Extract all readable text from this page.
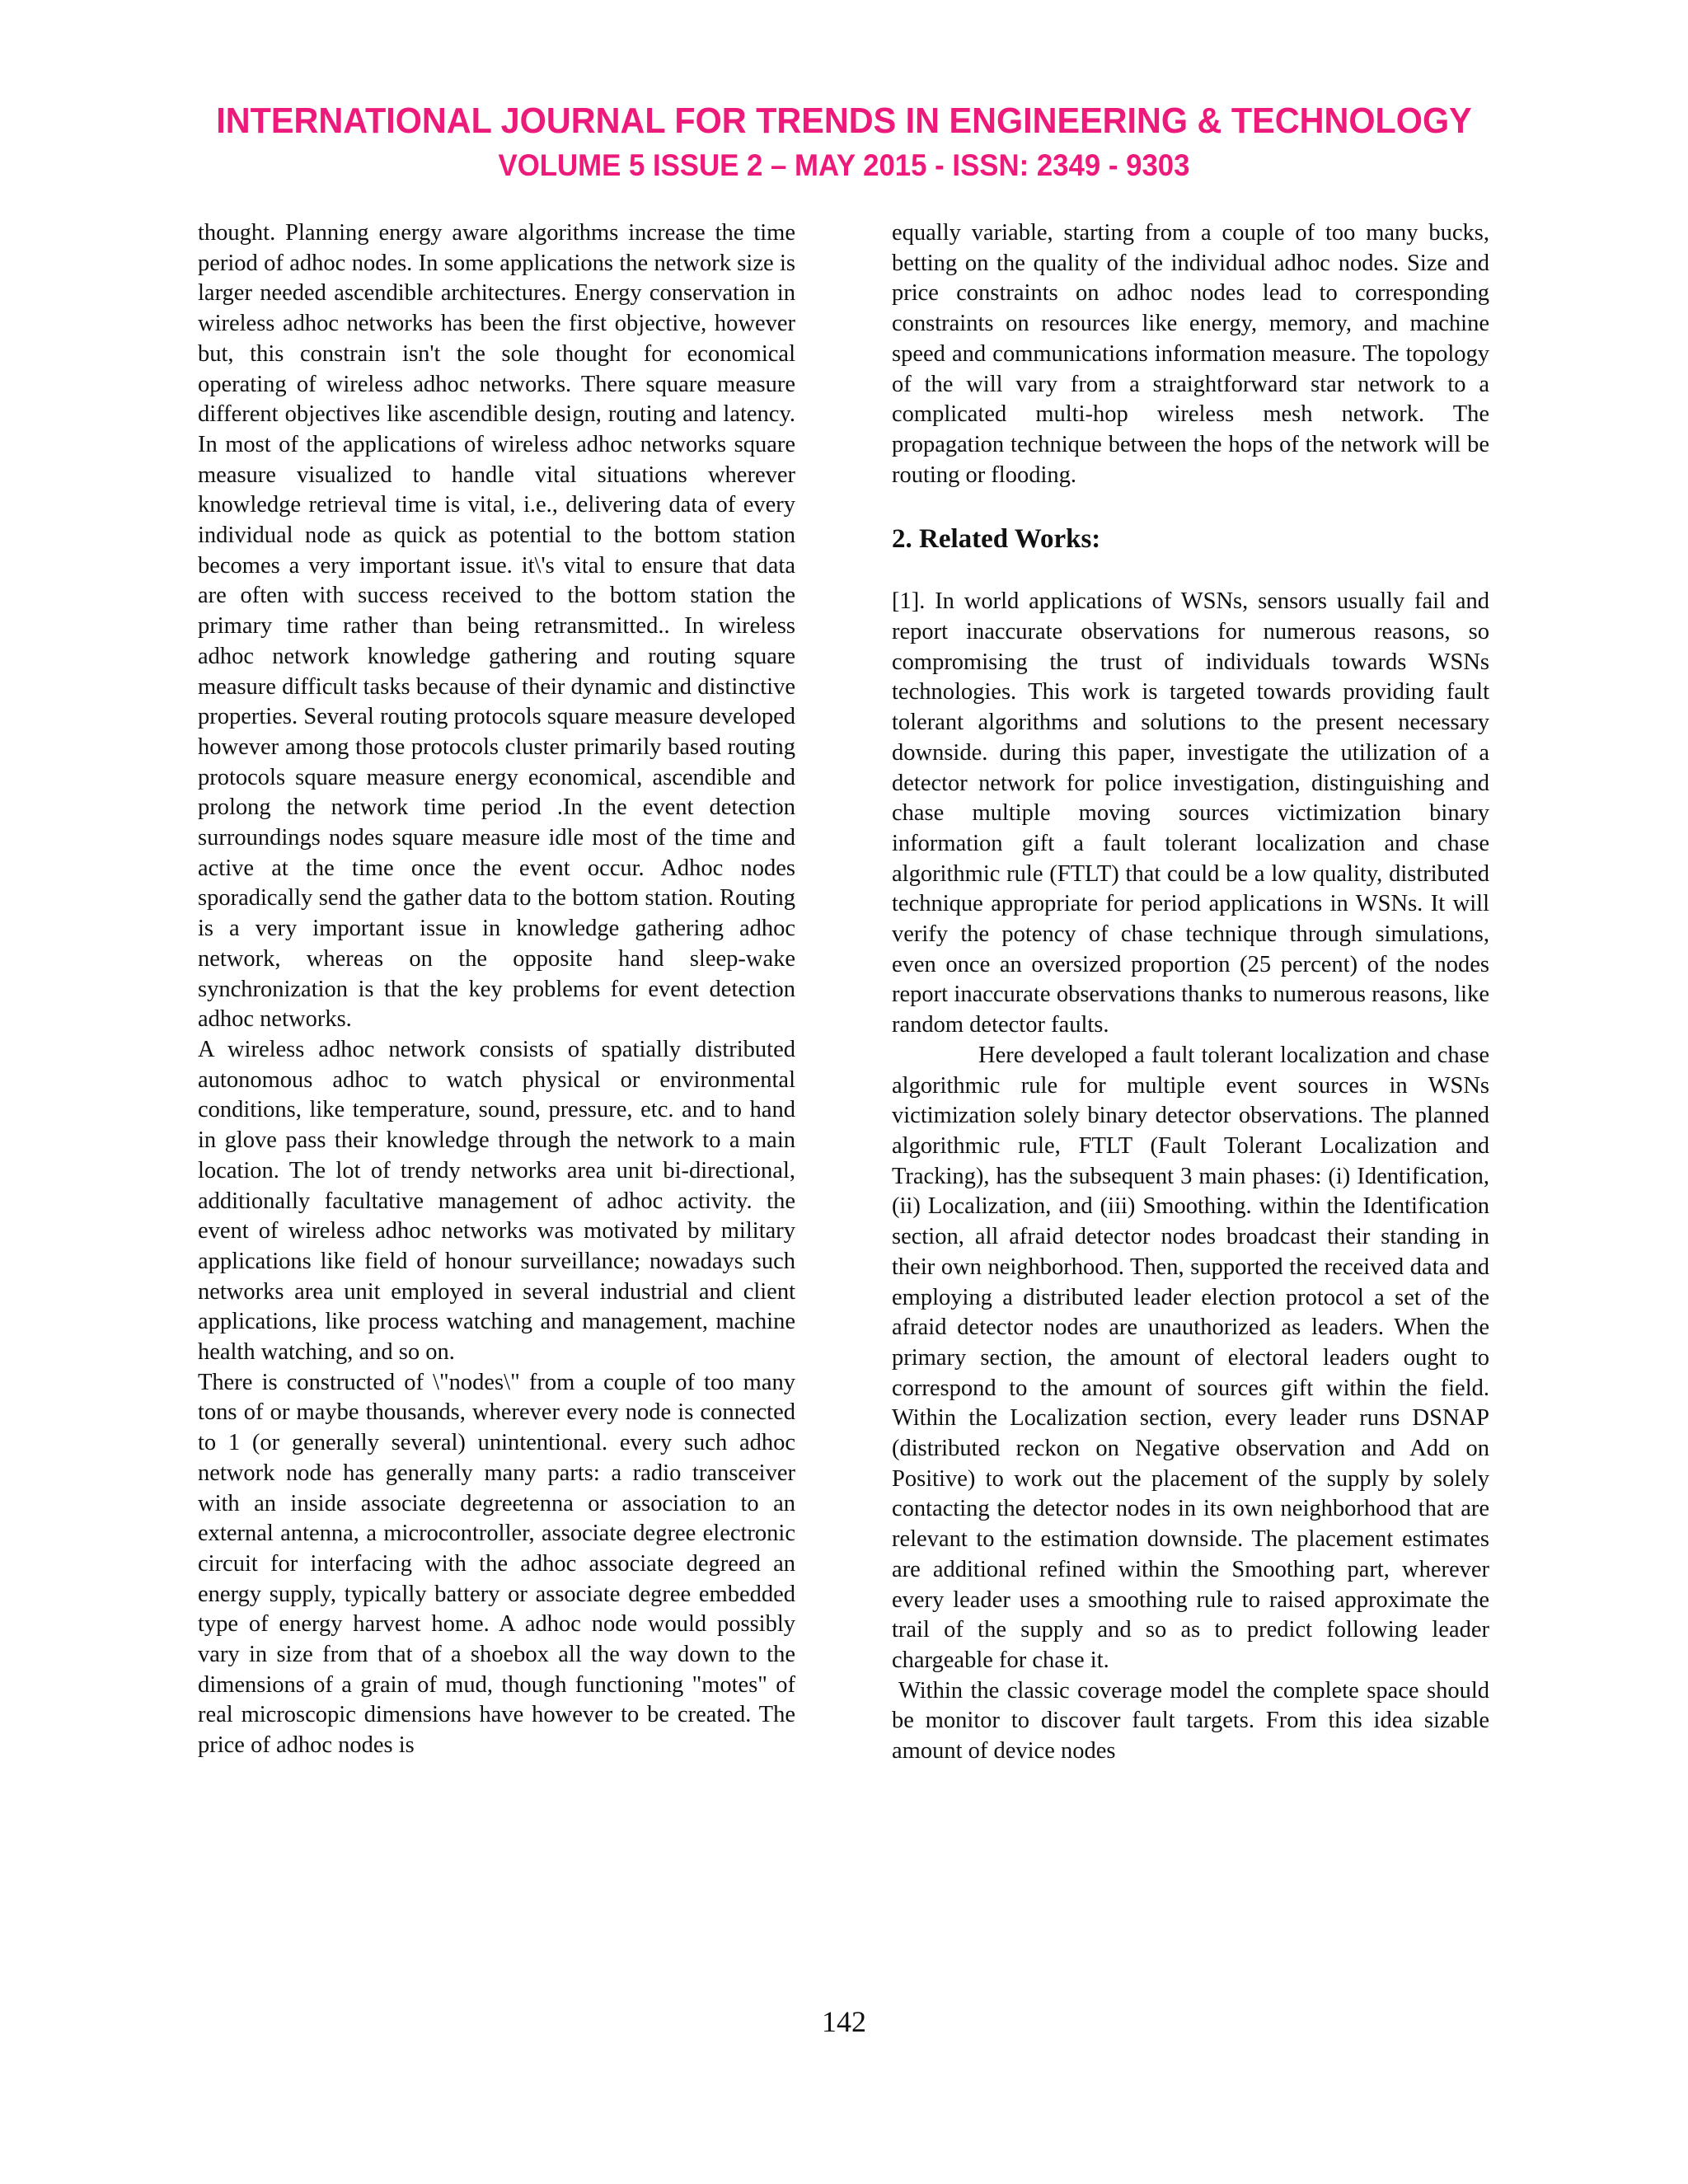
INTERNATIONAL JOURNAL FOR TRENDS IN ENGINEERING & TECHNOLOGY
VOLUME 5 ISSUE 2 – MAY 2015 - ISSN: 2349 - 9303

thought. Planning energy aware algorithms increase the time period of adhoc nodes. In some applications the network size is larger needed ascendible architectures. Energy conservation in wireless adhoc networks has been the first objective, however but, this constrain isn't the sole thought for economical operating of wireless adhoc networks. There square measure different objectives like ascendible design, routing and latency. In most of the applications of wireless adhoc networks square measure visualized to handle vital situations wherever knowledge retrieval time is vital, i.e., delivering data of every individual node as quick as potential to the bottom station becomes a very important issue. it\'s vital to ensure that data are often with success received to the bottom station the primary time rather than being retransmitted.. In wireless adhoc network knowledge gathering and routing square measure difficult tasks because of their dynamic and distinctive properties. Several routing protocols square measure developed however among those protocols cluster primarily based routing protocols square measure energy economical, ascendible and prolong the network time period .In the event detection surroundings nodes square measure idle most of the time and active at the time once the event occur. Adhoc nodes sporadically send the gather data to the bottom station. Routing is a very important issue in knowledge gathering adhoc network, whereas on the opposite hand sleep-wake synchronization is that the key problems for event detection adhoc networks.

A wireless adhoc network consists of spatially distributed autonomous adhoc to watch physical or environmental conditions, like temperature, sound, pressure, etc. and to hand in glove pass their knowledge through the network to a main location. The lot of trendy networks area unit bi-directional, additionally facultative management of adhoc activity. the event of wireless adhoc networks was motivated by military applications like field of honour surveillance; nowadays such networks area unit employed in several industrial and client applications, like process watching and management, machine health watching, and so on.

There is constructed of \"nodes\" from a couple of too many tons of or maybe thousands, wherever every node is connected to 1 (or generally several) unintentional. every such adhoc network node has generally many parts: a radio transceiver with an inside associate degreetenna or association to an external antenna, a microcontroller, associate degree electronic circuit for interfacing with the adhoc associate degreed an energy supply, typically battery or associate degree embedded type of energy harvest home. A adhoc node would possibly vary in size from that of a shoebox all the way down to the dimensions of a grain of mud, though functioning "motes" of real microscopic dimensions have however to be created. The price of adhoc nodes is

equally variable, starting from a couple of too many bucks, betting on the quality of the individual adhoc nodes. Size and price constraints on adhoc nodes lead to corresponding constraints on resources like energy, memory, and machine speed and communications information measure. The topology of the will vary from a straightforward star network to a complicated multi-hop wireless mesh network. The propagation technique between the hops of the network will be routing or flooding.

2. Related Works:

[1]. In world applications of WSNs, sensors usually fail and report inaccurate observations for numerous reasons, so compromising the trust of individuals towards WSNs technologies. This work is targeted towards providing fault tolerant algorithms and solutions to the present necessary downside. during this paper, investigate the utilization of a detector network for police investigation, distinguishing and chase multiple moving sources victimization binary information gift a fault tolerant localization and chase algorithmic rule (FTLT) that could be a low quality, distributed technique appropriate for period applications in WSNs. It will verify the potency of chase technique through simulations, even once an oversized proportion (25 percent) of the nodes report inaccurate observations thanks to numerous reasons, like random detector faults.

Here developed a fault tolerant localization and chase algorithmic rule for multiple event sources in WSNs victimization solely binary detector observations. The planned algorithmic rule, FTLT (Fault Tolerant Localization and Tracking), has the subsequent 3 main phases: (i) Identification, (ii) Localization, and (iii) Smoothing. within the Identification section, all afraid detector nodes broadcast their standing in their own neighborhood. Then, supported the received data and employing a distributed leader election protocol a set of the afraid detector nodes are unauthorized as leaders. When the primary section, the amount of electoral leaders ought to correspond to the amount of sources gift within the field. Within the Localization section, every leader runs DSNAP (distributed reckon on Negative observation and Add on Positive) to work out the placement of the supply by solely contacting the detector nodes in its own neighborhood that are relevant to the estimation downside. The placement estimates are additional refined within the Smoothing part, wherever every leader uses a smoothing rule to raised approximate the trail of the supply and so as to predict following leader chargeable for chase it.

Within the classic coverage model the complete space should be monitor to discover fault targets. From this idea sizable amount of device nodes

142
